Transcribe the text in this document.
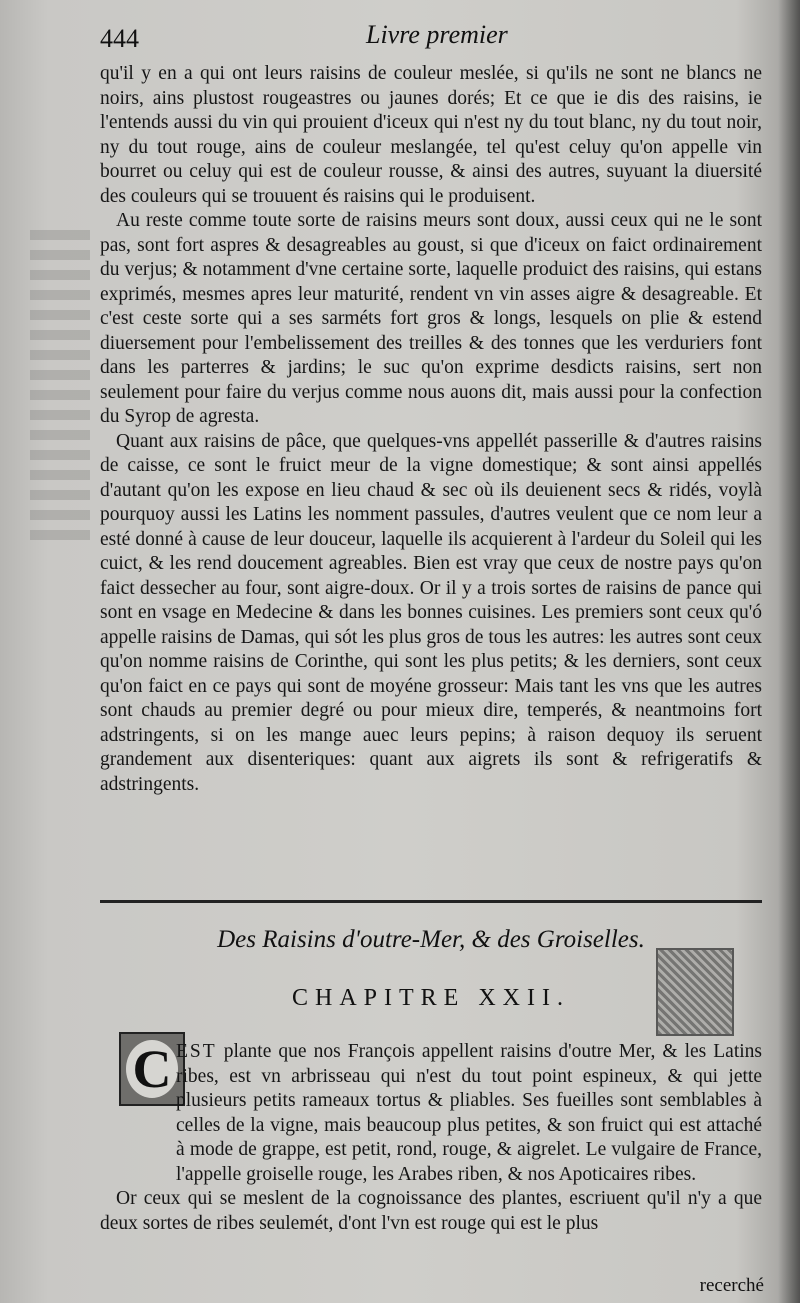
444	Livre premier

qu'il y en a qui ont leurs raisins de couleur meslée, si qu'ils ne sont ne blancs ne noirs, ains plustost rougeastres ou jaunes dorés; Et ce que ie dis des raisins, ie l'entends aussi du vin qui prouient d'iceux qui n'est ny du tout blanc, ny du tout noir, ny du tout rouge, ains de couleur meslangée, tel qu'est celuy qu'on appelle vin bourret ou celuy qui est de couleur rousse, & ainsi des autres, suyuant la diuersité des couleurs qui se trouuent és raisins qui le produisent.

Au reste comme toute sorte de raisins meurs sont doux, aussi ceux qui ne le sont pas, sont fort aspres & desagreables au goust, si que d'iceux on faict ordinairement du verjus; & notamment d'vne certaine sorte, laquelle produict des raisins, qui estans exprimés, mesmes apres leur maturité, rendent vn vin asses aigre & desagreable. Et c'est ceste sorte qui a ses sarméts fort gros & longs, lesquels on plie & estend diuersement pour l'embelissement des treilles & des tonnes que les verduriers font dans les parterres & jardins; le suc qu'on exprime desdicts raisins, sert non seulement pour faire du verjus comme nous auons dit, mais aussi pour la confection du Syrop de agresta.

Quant aux raisins de pâce, que quelques-vns appellét passerille & d'autres raisins de caisse, ce sont le fruict meur de la vigne domestique; & sont ainsi appellés d'autant qu'on les expose en lieu chaud & sec où ils deuienent secs & ridés, voylà pourquoy aussi les Latins les nomment passules, d'autres veulent que ce nom leur a esté donné à cause de leur douceur, laquelle ils acquierent à l'ardeur du Soleil qui les cuict, & les rend doucement agreables. Bien est vray que ceux de nostre pays qu'on faict dessecher au four, sont aigre-doux. Or il y a trois sortes de raisins de pance qui sont en vsage en Medecine & dans les bonnes cuisines. Les premiers sont ceux qu'ó appelle raisins de Damas, qui sót les plus gros de tous les autres: les autres sont ceux qu'on nomme raisins de Corinthe, qui sont les plus petits; & les derniers, sont ceux qu'on faict en ce pays qui sont de moyéne grosseur: Mais tant les vns que les autres sont chauds au premier degré ou pour mieux dire, temperés, & neantmoins fort adstringents, si on les mange auec leurs pepins; à raison dequoy ils seruent grandement aux disenteriques: quant aux aigrets ils sont & refrigeratifs & adstringents.

Des Raisins d'outre-Mer, & des Groiselles.
CHAPITRE XXII.
C EST plante que nos François appellent raisins d'outre Mer, & les Latins ribes, est vn arbrisseau qui n'est du tout point espineux, & qui jette plusieurs petits rameaux tortus & pliables. Ses fueilles sont semblables à celles de la vigne, mais beaucoup plus petites, & son fruict qui est attaché à mode de grappe, est petit, rond, rouge, & aigrelet. Le vulgaire de France, l'appelle groiselle rouge, les Arabes riben, & nos Apoticaires ribes.

Or ceux qui se meslent de la cognoissance des plantes, escriuent qu'il n'y a que deux sortes de ribes seulemét, d'ont l'vn est rouge qui est le plus

recerché
